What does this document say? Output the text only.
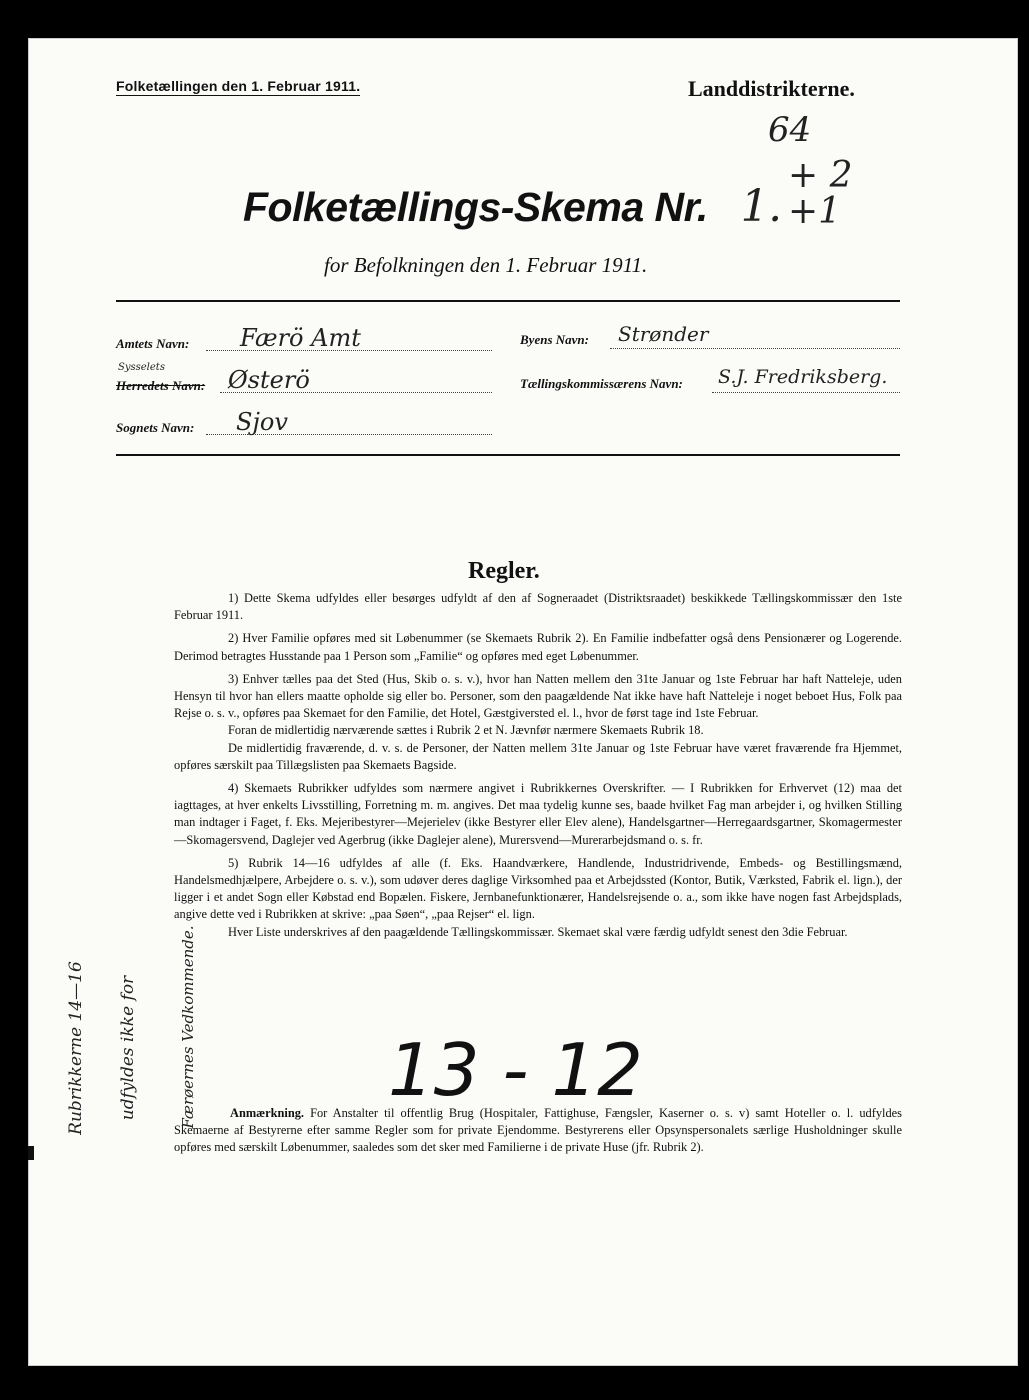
Folketællingen den 1. Februar 1911.	Landdistrikterne.
64
+ 2
+1
Folketællings-Skema Nr. 1.
for Befolkningen den 1. Februar 1911.
Amtets Navn: Færö Amt	Byens Navn: Strønder
Sysselets
Herredets Navn: Østerö	Tællingskommissærens Navn: S.J. Fredriksberg.
Sognets Navn: Sjov
Regler.

1) Dette Skema udfyldes eller besørges udfyldt af den af Sogneraadet (Distriktsraadet) beskikkede Tællingskommissær den 1ste Februar 1911.

2) Hver Familie opføres med sit Løbenummer (se Skemaets Rubrik 2). En Familie indbefatter også dens Pensionærer og Logerende. Derimod betragtes Husstande paa 1 Person som „Familie“ og opføres med eget Løbenummer.

3) Enhver tælles paa det Sted (Hus, Skib o. s. v.), hvor han Natten mellem den 31te Januar og 1ste Februar har haft Natteleje, uden Hensyn til hvor han ellers maatte opholde sig eller bo. Personer, som den paagældende Nat ikke have haft Natteleje i noget beboet Hus, Folk paa Rejse o. s. v., opføres paa Skemaet for den Familie, det Hotel, Gæstgiversted el. l., hvor de først tage ind 1ste Februar.

Foran de midlertidig nærværende sættes i Rubrik 2 et N. Jævnfør nærmere Skemaets Rubrik 18.

De midlertidig fraværende, d. v. s. de Personer, der Natten mellem 31te Januar og 1ste Februar have været fraværende fra Hjemmet, opføres særskilt paa Tillægslisten paa Skemaets Bagside.

4) Skemaets Rubrikker udfyldes som nærmere angivet i Rubrikkernes Overskrifter. — I Rubrikken for Erhvervet (12) maa det iagttages, at hver enkelts Livsstilling, Forretning m. m. angives. Det maa tydelig kunne ses, baade hvilket Fag man arbejder i, og hvilken Stilling man indtager i Faget, f. Eks. Mejeribestyrer—Mejerielev (ikke Bestyrer eller Elev alene), Handelsgartner—Herregaardsgartner, Skomagermester—Skomagersvend, Daglejer ved Agerbrug (ikke Daglejer alene), Murersvend—Murerarbejdsmand o. s. fr.

5) Rubrik 14—16 udfyldes af alle (f. Eks. Haandværkere, Handlende, Industridrivende, Embeds- og Bestillingsmænd, Handelsmedhjælpere, Arbejdere o. s. v.), som udøver deres daglige Virksomhed paa et Arbejdssted (Kontor, Butik, Værksted, Fabrik el. lign.), der ligger i et andet Sogn eller Købstad end Bopælen. Fiskere, Jernbanefunktionærer, Handelsrejsende o. a., som ikke have nogen fast Arbejdsplads, angive dette ved i Rubrikken at skrive: „paa Søen“, „paa Rejser“ el. lign.

Hver Liste underskrives af den paagældende Tællingskommissær. Skemaet skal være færdig udfyldt senest den 3die Februar.

13 - 12
Anmærkning. For Anstalter til offentlig Brug (Hospitaler, Fattighuse, Fængsler, Kaserner o. s. v) samt Hoteller o. l. udfyldes Skemaerne af Bestyrerne efter samme Regler som for private Ejendomme. Bestyrerens eller Opsynspersonalets særlige Husholdninger skulle opføres med særskilt Løbenummer, saaledes som det sker med Familierne i de private Huse (jfr. Rubrik 2).
Rubrikkerne 14—16 udfyldes ikke for	Færøernes Vedkommende.
